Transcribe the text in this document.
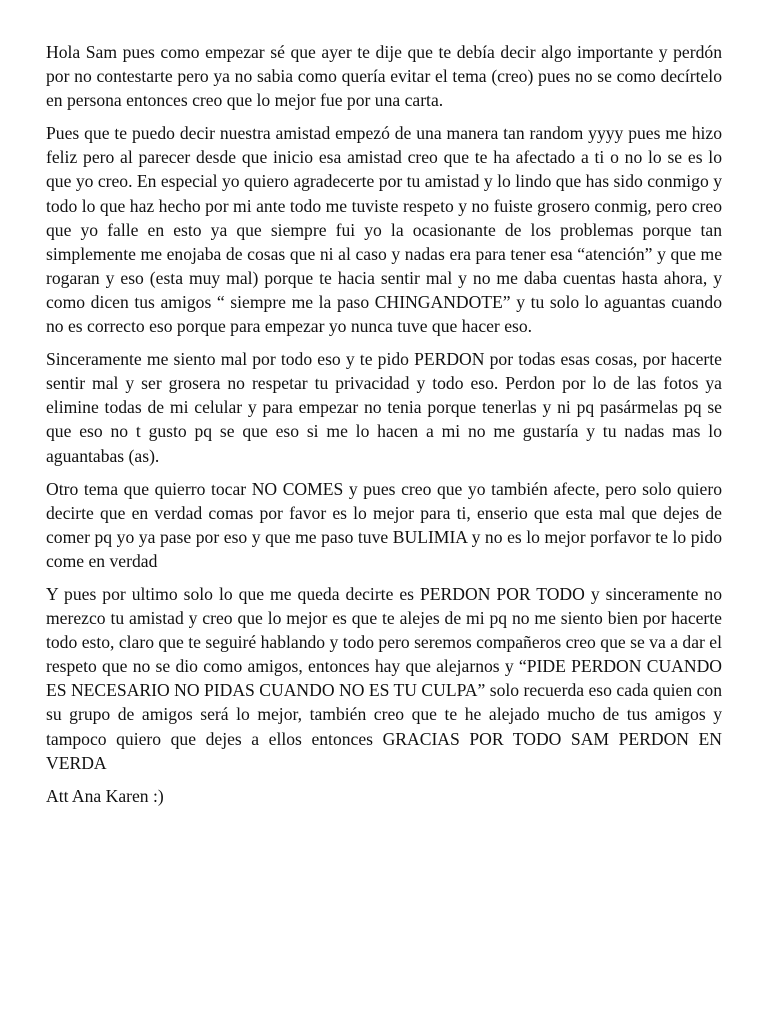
Hola Sam pues como empezar sé que ayer te dije que te debía decir algo importante y perdón por no contestarte pero ya no sabia como quería evitar el tema (creo) pues no se como decírtelo en persona entonces creo que lo mejor fue por una carta.

Pues que te puedo decir nuestra amistad empezó de una manera tan random yyyy pues me hizo feliz pero al parecer desde que inicio esa amistad creo que te ha afectado a ti o no lo se es lo que yo creo. En especial yo quiero agradecerte por tu amistad y lo lindo que has sido conmigo y todo lo que haz hecho por mi ante todo me tuviste respeto y no fuiste grosero conmig, pero creo que yo falle en esto ya que siempre fui yo la ocasionante de los problemas porque tan simplemente me enojaba de cosas que ni al caso y nadas era para tener esa “atención” y que me rogaran y eso (esta muy mal) porque te hacia sentir mal y no me daba cuentas hasta ahora, y como dicen tus amigos “ siempre me la paso CHINGANDOTE” y tu solo lo aguantas cuando no es correcto eso porque para empezar yo nunca tuve que hacer eso.

Sinceramente me siento mal por todo eso y te pido PERDON por todas esas cosas, por hacerte sentir mal y ser grosera no respetar tu privacidad y todo eso. Perdon por lo de las fotos ya elimine todas de mi celular y para empezar no tenia porque tenerlas y ni pq pasármelas pq se que eso no t gusto pq se que eso si me lo hacen a mi no me gustaría y tu nadas mas lo aguantabas (as).

Otro tema que quierro tocar NO COMES y pues creo que yo también afecte, pero solo quiero decirte que en verdad comas por favor es lo mejor para ti, enserio que esta mal que dejes de comer pq yo ya pase por eso y que me paso tuve BULIMIA y no es lo mejor porfavor te lo pido come en verdad

Y pues por ultimo solo lo que me queda decirte es PERDON POR TODO y sinceramente no merezco tu amistad y creo que lo mejor es que te alejes de mi pq no me siento bien por hacerte todo esto, claro que te seguiré hablando y todo pero seremos compañeros creo que se va a dar el respeto que no se dio como amigos, entonces hay que alejarnos y “PIDE PERDON CUANDO ES NECESARIO NO PIDAS CUANDO NO ES TU CULPA” solo recuerda eso cada quien con su grupo de amigos será lo mejor, también creo que te he alejado mucho de tus amigos y tampoco quiero que dejes a ellos entonces GRACIAS POR TODO SAM PERDON EN VERDA

Att Ana Karen :)
